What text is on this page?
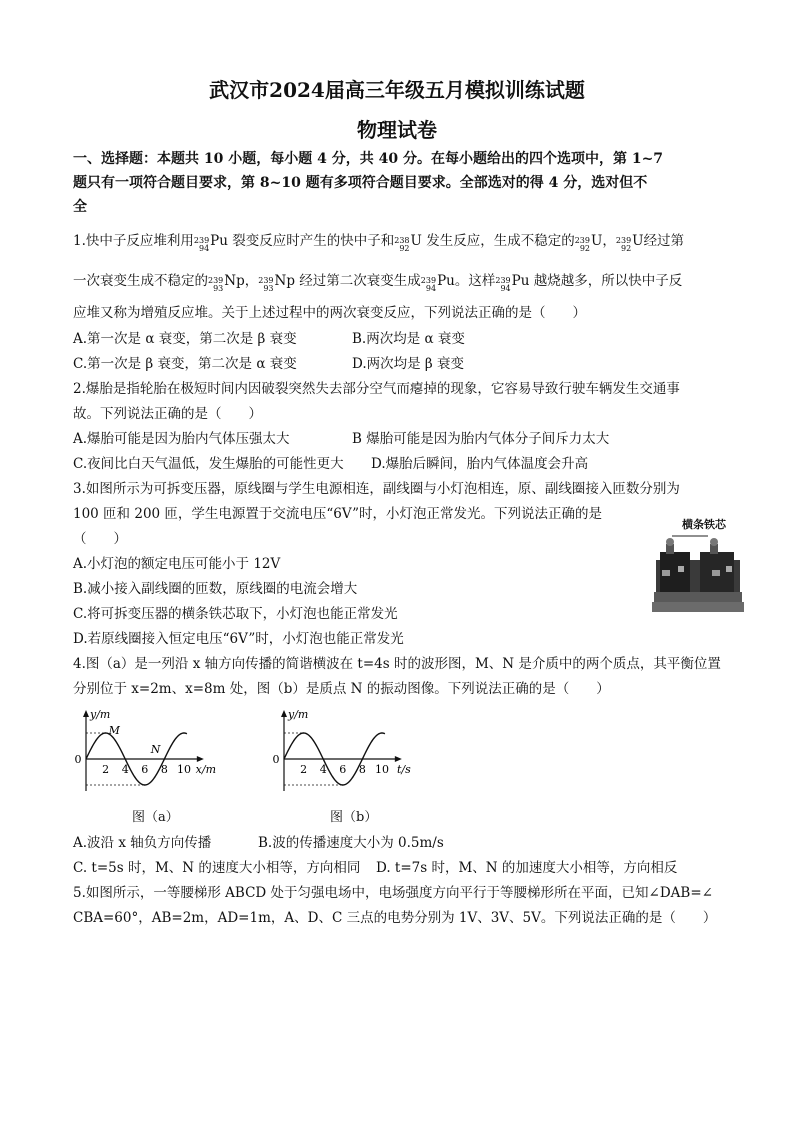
武汉市2024届高三年级五月模拟训练试题
物理试卷
一、选择题：本题共 10 小题，每小题 4 分，共 40 分。在每小题给出的四个选项中，第 1~7
题只有一项符合题目要求，第 8~10 题有多项符合题目要求。全部选对的得 4 分，选对但不
全
1.快中子反应堆利用 239
94 Pu 裂变反应时产生的快中子和 238
92 U 发生反应，生成不稳定的 239
92 U， 239
92 U经过第
一次衰变生成不稳定的 239
93 Np， 239
93 Np 经过第二次衰变生成 239
94 Pu。这样 239
94 Pu 越烧越多，所以快中子反
应堆又称为增殖反应堆。关于上述过程中的两次衰变反应，下列说法正确的是（　　）
A.第一次是 α 衰变，第二次是 β 衰变	B.两次均是 α 衰变
C.第一次是 β 衰变，第二次是 α 衰变	D.两次均是 β 衰变
2.爆胎是指轮胎在极短时间内因破裂突然失去部分空气而瘪掉的现象，它容易导致行驶车辆发生交通事
故。下列说法正确的是（　　）
A.爆胎可能是因为胎内气体压强太大	B 爆胎可能是因为胎内气体分子间斥力太大
C.夜间比白天气温低，发生爆胎的可能性更大 D.爆胎后瞬间，胎内气体温度会升高
3.如图所示为可拆变压器，原线圈与学生电源相连，副线圈与小灯泡相连，原、副线圈接入匝数分别为
100 匝和 200 匝，学生电源置于交流电压“6V”时，小灯泡正常发光。下列说法正确的是
（　　）
A.小灯泡的额定电压可能小于 12V
B.减小接入副线圈的匝数，原线圈的电流会增大
C.将可拆变压器的横条铁芯取下，小灯泡也能正常发光
D.若原线圈接入恒定电压“6V”时，小灯泡也能正常发光
横条铁芯
4.图（a）是一列沿 x 轴方向传播的简谐横波在 t=4s 时的波形图，M、N 是介质中的两个质点，其平衡位置
分别位于 x=2m、x=8m 处，图（b）是质点 N 的振动图像。下列说法正确的是（　　）
2 4 6 8 10
0
y/m
x/m
M
N
2 4 6 8 10
0
y/m
t/s
图（a）	图（b）
A.波沿 x 轴负方向传播	B.波的传播速度大小为 0.5m/s
C. t=5s 时，M、N 的速度大小相等，方向相同 D. t=7s 时，M、N 的加速度大小相等，方向相反
5.如图所示，一等腰梯形 ABCD 处于匀强电场中，电场强度方向平行于等腰梯形所在平面，已知∠DAB=∠
CBA=60°，AB=2m，AD=1m，A、D、C 三点的电势分别为 1V、3V、5V。下列说法正确的是（　　）
